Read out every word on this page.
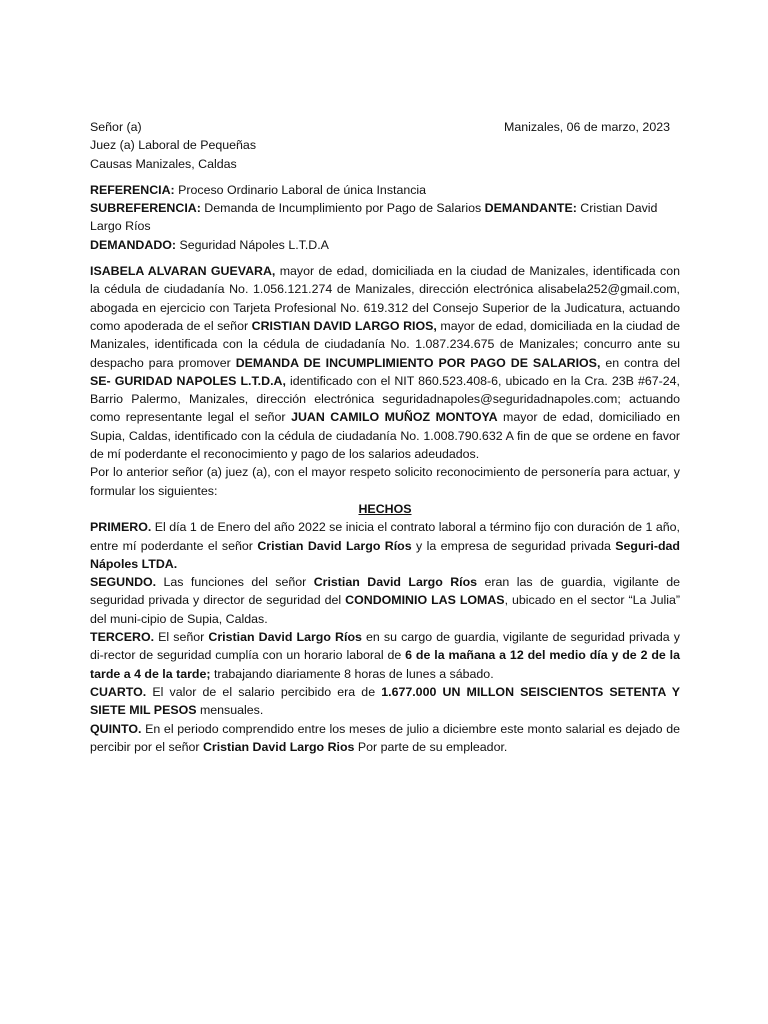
Señor (a)

Juez (a) Laboral de Pequeñas

Causas Manizales, Caldas

Manizales, 06 de marzo, 2023

REFERENCIA: Proceso Ordinario Laboral de única Instancia

SUBREFERENCIA: Demanda de Incumplimiento por Pago de Salarios DEMANDANTE: Cristian David Largo Ríos

DEMANDADO: Seguridad Nápoles L.T.D.A

ISABELA ALVARAN GUEVARA, mayor de edad, domiciliada en la ciudad de Manizales, identificada con la cédula de ciudadanía No. 1.056.121.274 de Manizales, dirección electrónica alisabela252@gmail.com, abogada en ejercicio con Tarjeta Profesional No. 619.312 del Consejo Superior de la Judicatura, actuando como apoderada de el señor CRISTIAN DAVID LARGO RIOS, mayor de edad, domiciliada en la ciudad de Manizales, identificada con la cédula de ciudadanía No. 1.087.234.675 de Manizales; concurro ante su despacho para promover DEMANDA DE INCUMPLIMIENTO POR PAGO DE SALARIOS, en contra del SE- GURIDAD NAPOLES L.T.D.A, identificado con el NIT 860.523.408-6, ubicado en la Cra. 23B #67-24, Barrio Palermo, Manizales, dirección electrónica seguridadnapoles@seguridadnapoles.com; actuando como representante legal el señor JUAN CAMILO MUÑOZ MONTOYA mayor de edad, domiciliado en Supia, Caldas, identificado con la cédula de ciudadanía No. 1.008.790.632 A fin de que se ordene en favor de mí poderdante el reconocimiento y pago de los salarios adeudados.

Por lo anterior señor (a) juez (a), con el mayor respeto solicito reconocimiento de personería para actuar, y formular los siguientes:

HECHOS

PRIMERO. El día 1 de Enero del año 2022 se inicia el contrato laboral a término fijo con duración de 1 año, entre mí poderdante el señor Cristian David Largo Ríos y la empresa de seguridad privada Seguri-dad Nápoles LTDA.

SEGUNDO. Las funciones del señor Cristian David Largo Ríos eran las de guardia, vigilante de seguridad privada y director de seguridad del CONDOMINIO LAS LOMAS, ubicado en el sector “La Julia” del muni-cipio de Supia, Caldas.

TERCERO. El señor Cristian David Largo Ríos en su cargo de guardia, vigilante de seguridad privada y di-rector de seguridad cumplía con un horario laboral de 6 de la mañana a 12 del medio día y de 2 de la tarde a 4 de la tarde; trabajando diariamente 8 horas de lunes a sábado.

CUARTO. El valor de el salario percibido era de 1.677.000 UN MILLON SEISCIENTOS SETENTA Y SIETE MIL PESOS mensuales.

QUINTO. En el periodo comprendido entre los meses de julio a diciembre este monto salarial es dejado de percibir por el señor Cristian David Largo Rios Por parte de su empleador.
